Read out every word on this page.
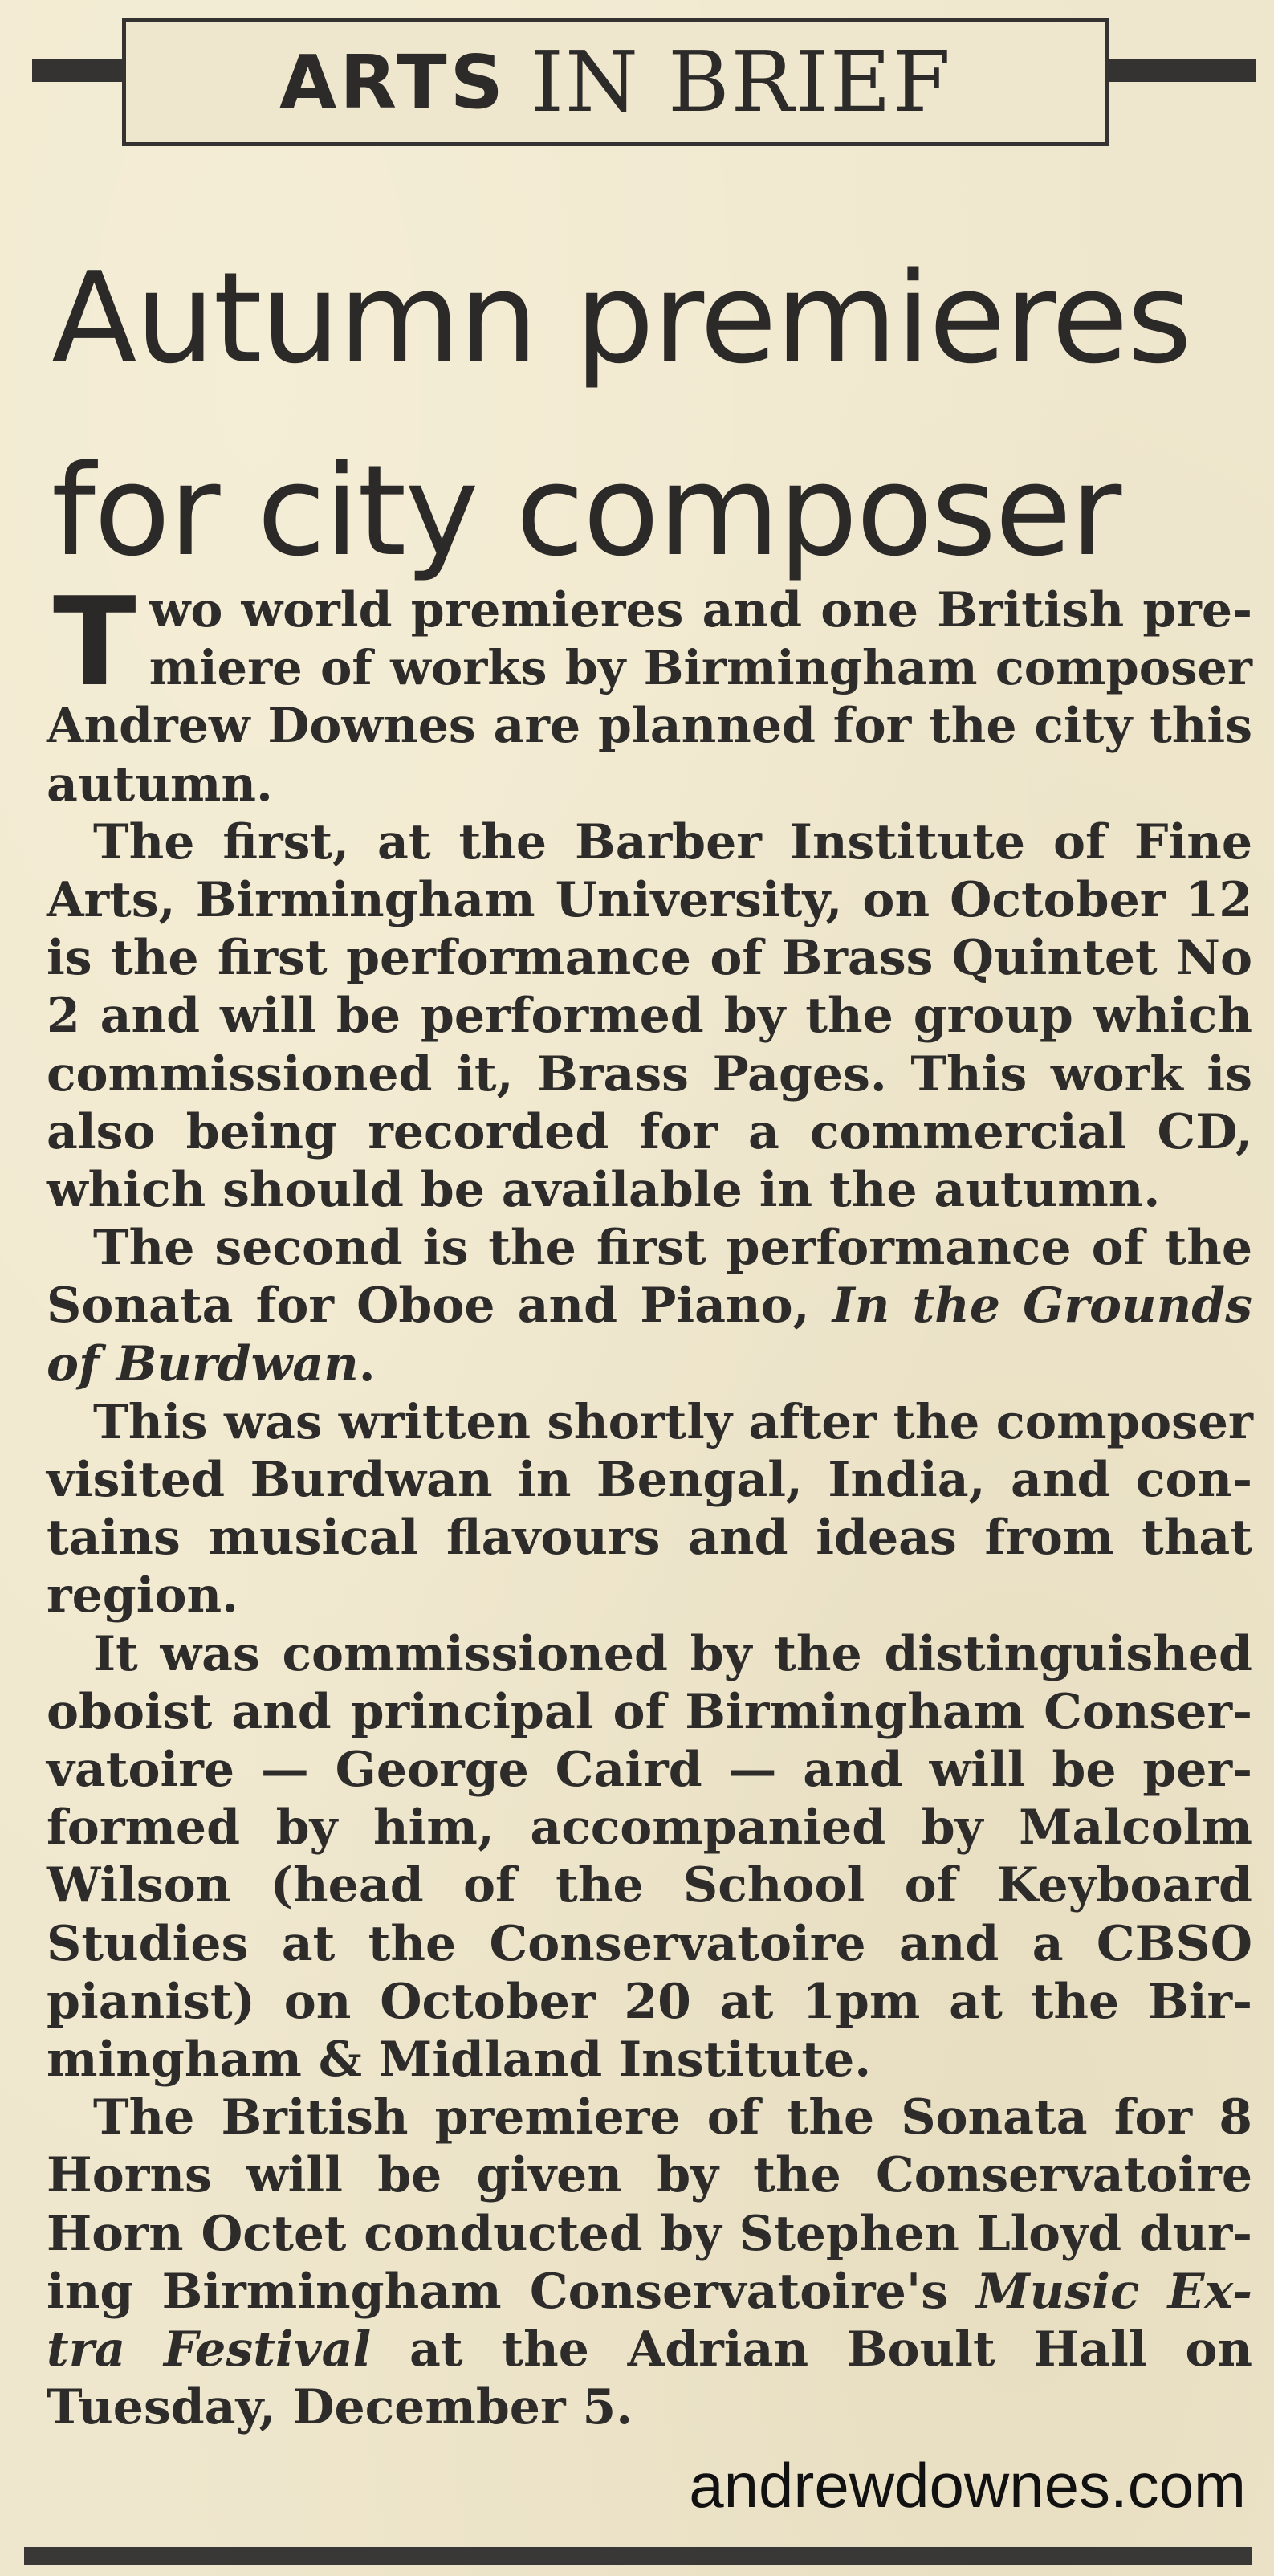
ARTS IN BRIEF
Autumn premieres
for city composer

T wo world premieres and one British pre-
miere of works by Birmingham composer
Andrew Downes are planned for the city this
autumn.

The first, at the Barber Institute of Fine
Arts, Birmingham University, on October 12
is the first performance of Brass Quintet No
2 and will be performed by the group which
commissioned it, Brass Pages. This work is
also being recorded for a commercial CD,
which should be available in the autumn.

The second is the first performance of the
Sonata for Oboe and Piano, In the Grounds
of Burdwan.

This was written shortly after the composer
visited Burdwan in Bengal, India, and con-
tains musical flavours and ideas from that
region.

It was commissioned by the distinguished
oboist and principal of Birmingham Conser-
vatoire — George Caird — and will be per-
formed by him, accompanied by Malcolm
Wilson (head of the School of Keyboard
Studies at the Conservatoire and a CBSO
pianist) on October 20 at 1pm at the Bir-
mingham & Midland Institute.

The British premiere of the Sonata for 8
Horns will be given by the Conservatoire
Horn Octet conducted by Stephen Lloyd dur-
ing Birmingham Conservatoire's Music Ex-
tra Festival at the Adrian Boult Hall on
Tuesday, December 5.

andrewdownes.com
